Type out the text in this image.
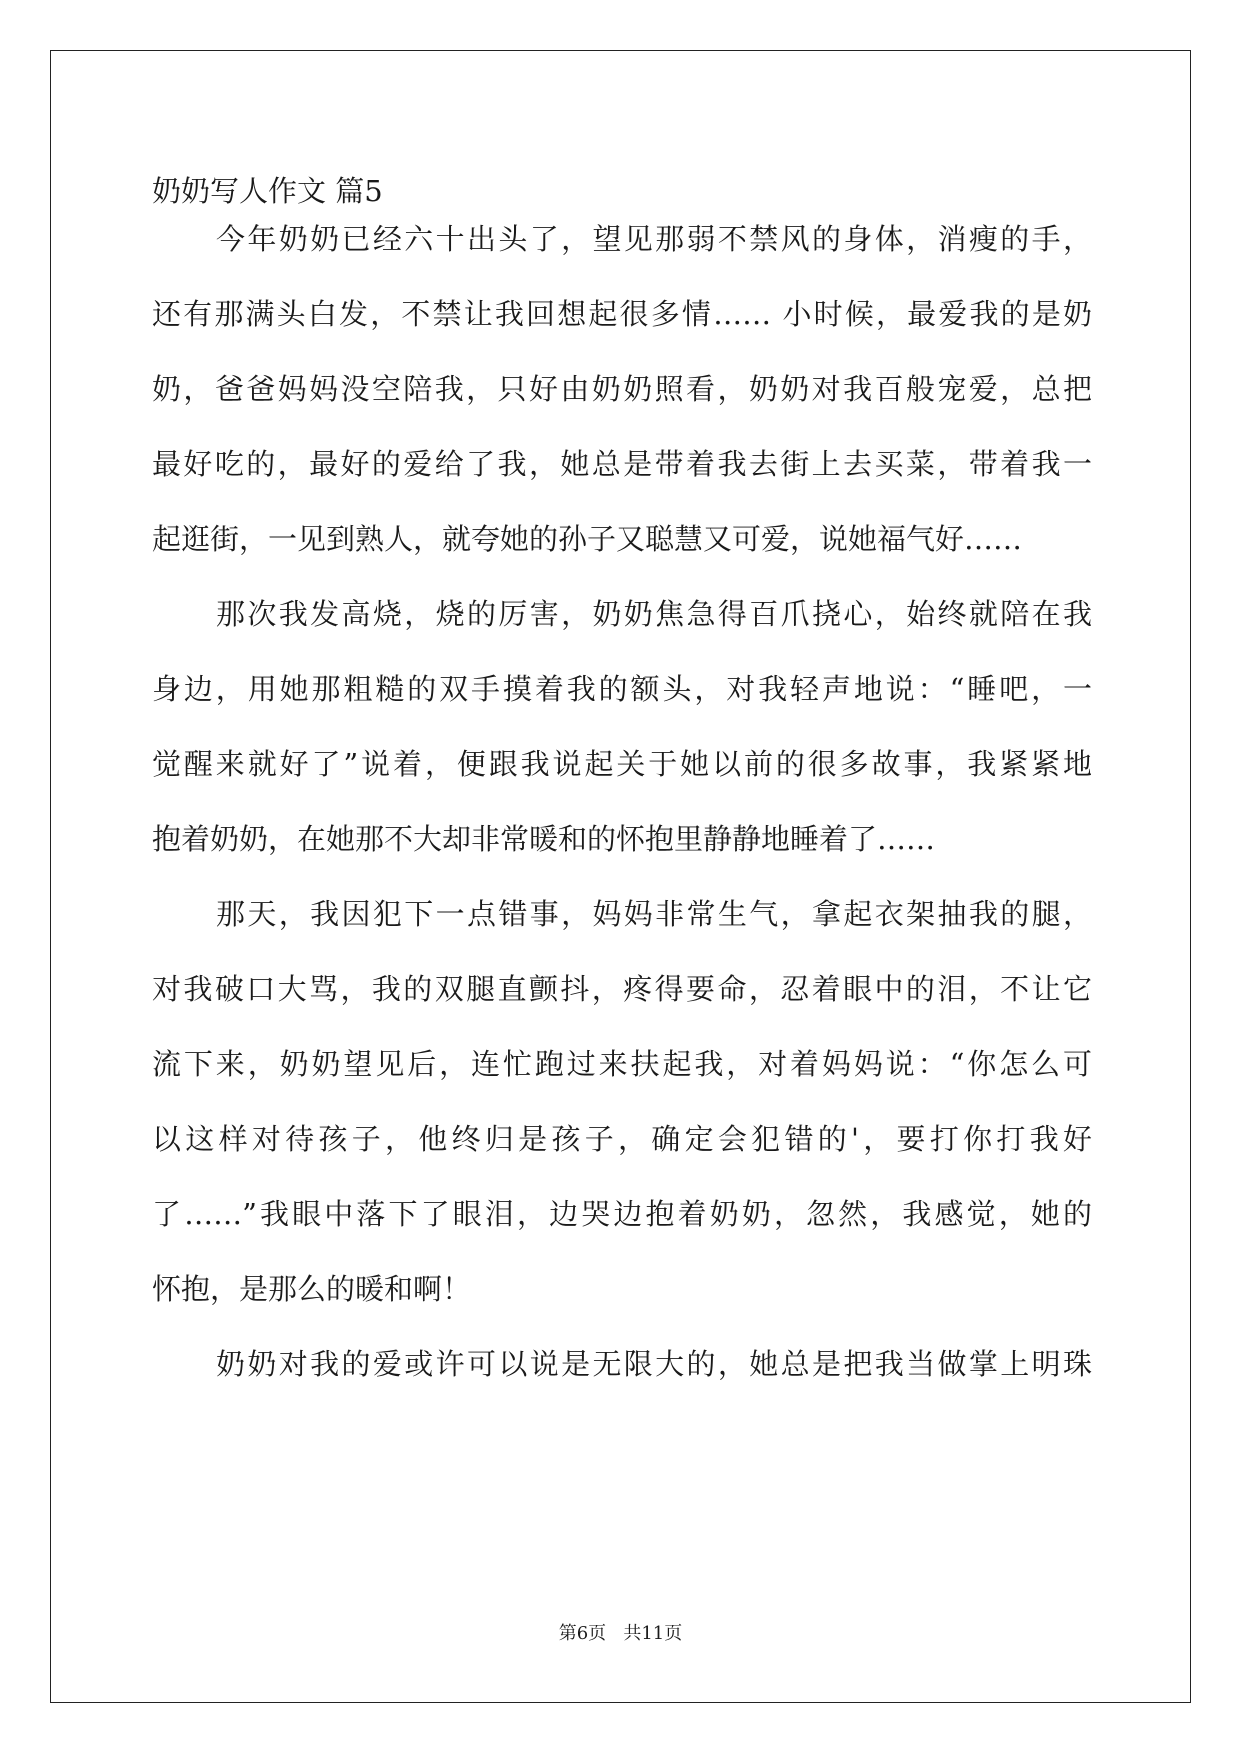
奶奶写人作文 篇5

今年奶奶已经六十出头了，望见那弱不禁风的身体，消瘦的手，

还有那满头白发，不禁让我回想起很多情…… 小时候，最爱我的是奶

奶，爸爸妈妈没空陪我，只好由奶奶照看，奶奶对我百般宠爱，总把

最好吃的，最好的爱给了我，她总是带着我去街上去买菜，带着我一

起逛街，一见到熟人，就夸她的孙子又聪慧又可爱，说她福气好……

那次我发高烧，烧的厉害，奶奶焦急得百爪挠心，始终就陪在我

身边，用她那粗糙的双手摸着我的额头，对我轻声地说：“睡吧，一

觉醒来就好了”说着，便跟我说起关于她以前的很多故事，我紧紧地

抱着奶奶，在她那不大却非常暖和的怀抱里静静地睡着了……

那天，我因犯下一点错事，妈妈非常生气，拿起衣架抽我的腿，

对我破口大骂，我的双腿直颤抖，疼得要命，忍着眼中的泪，不让它

流下来，奶奶望见后，连忙跑过来扶起我，对着妈妈说：“你怎么可

以这样对待孩子，他终归是孩子，确定会犯错的'，要打你打我好

了……”我眼中落下了眼泪，边哭边抱着奶奶，忽然，我感觉，她的

怀抱，是那么的暖和啊！

奶奶对我的爱或许可以说是无限大的，她总是把我当做掌上明珠

第6页   共11页
